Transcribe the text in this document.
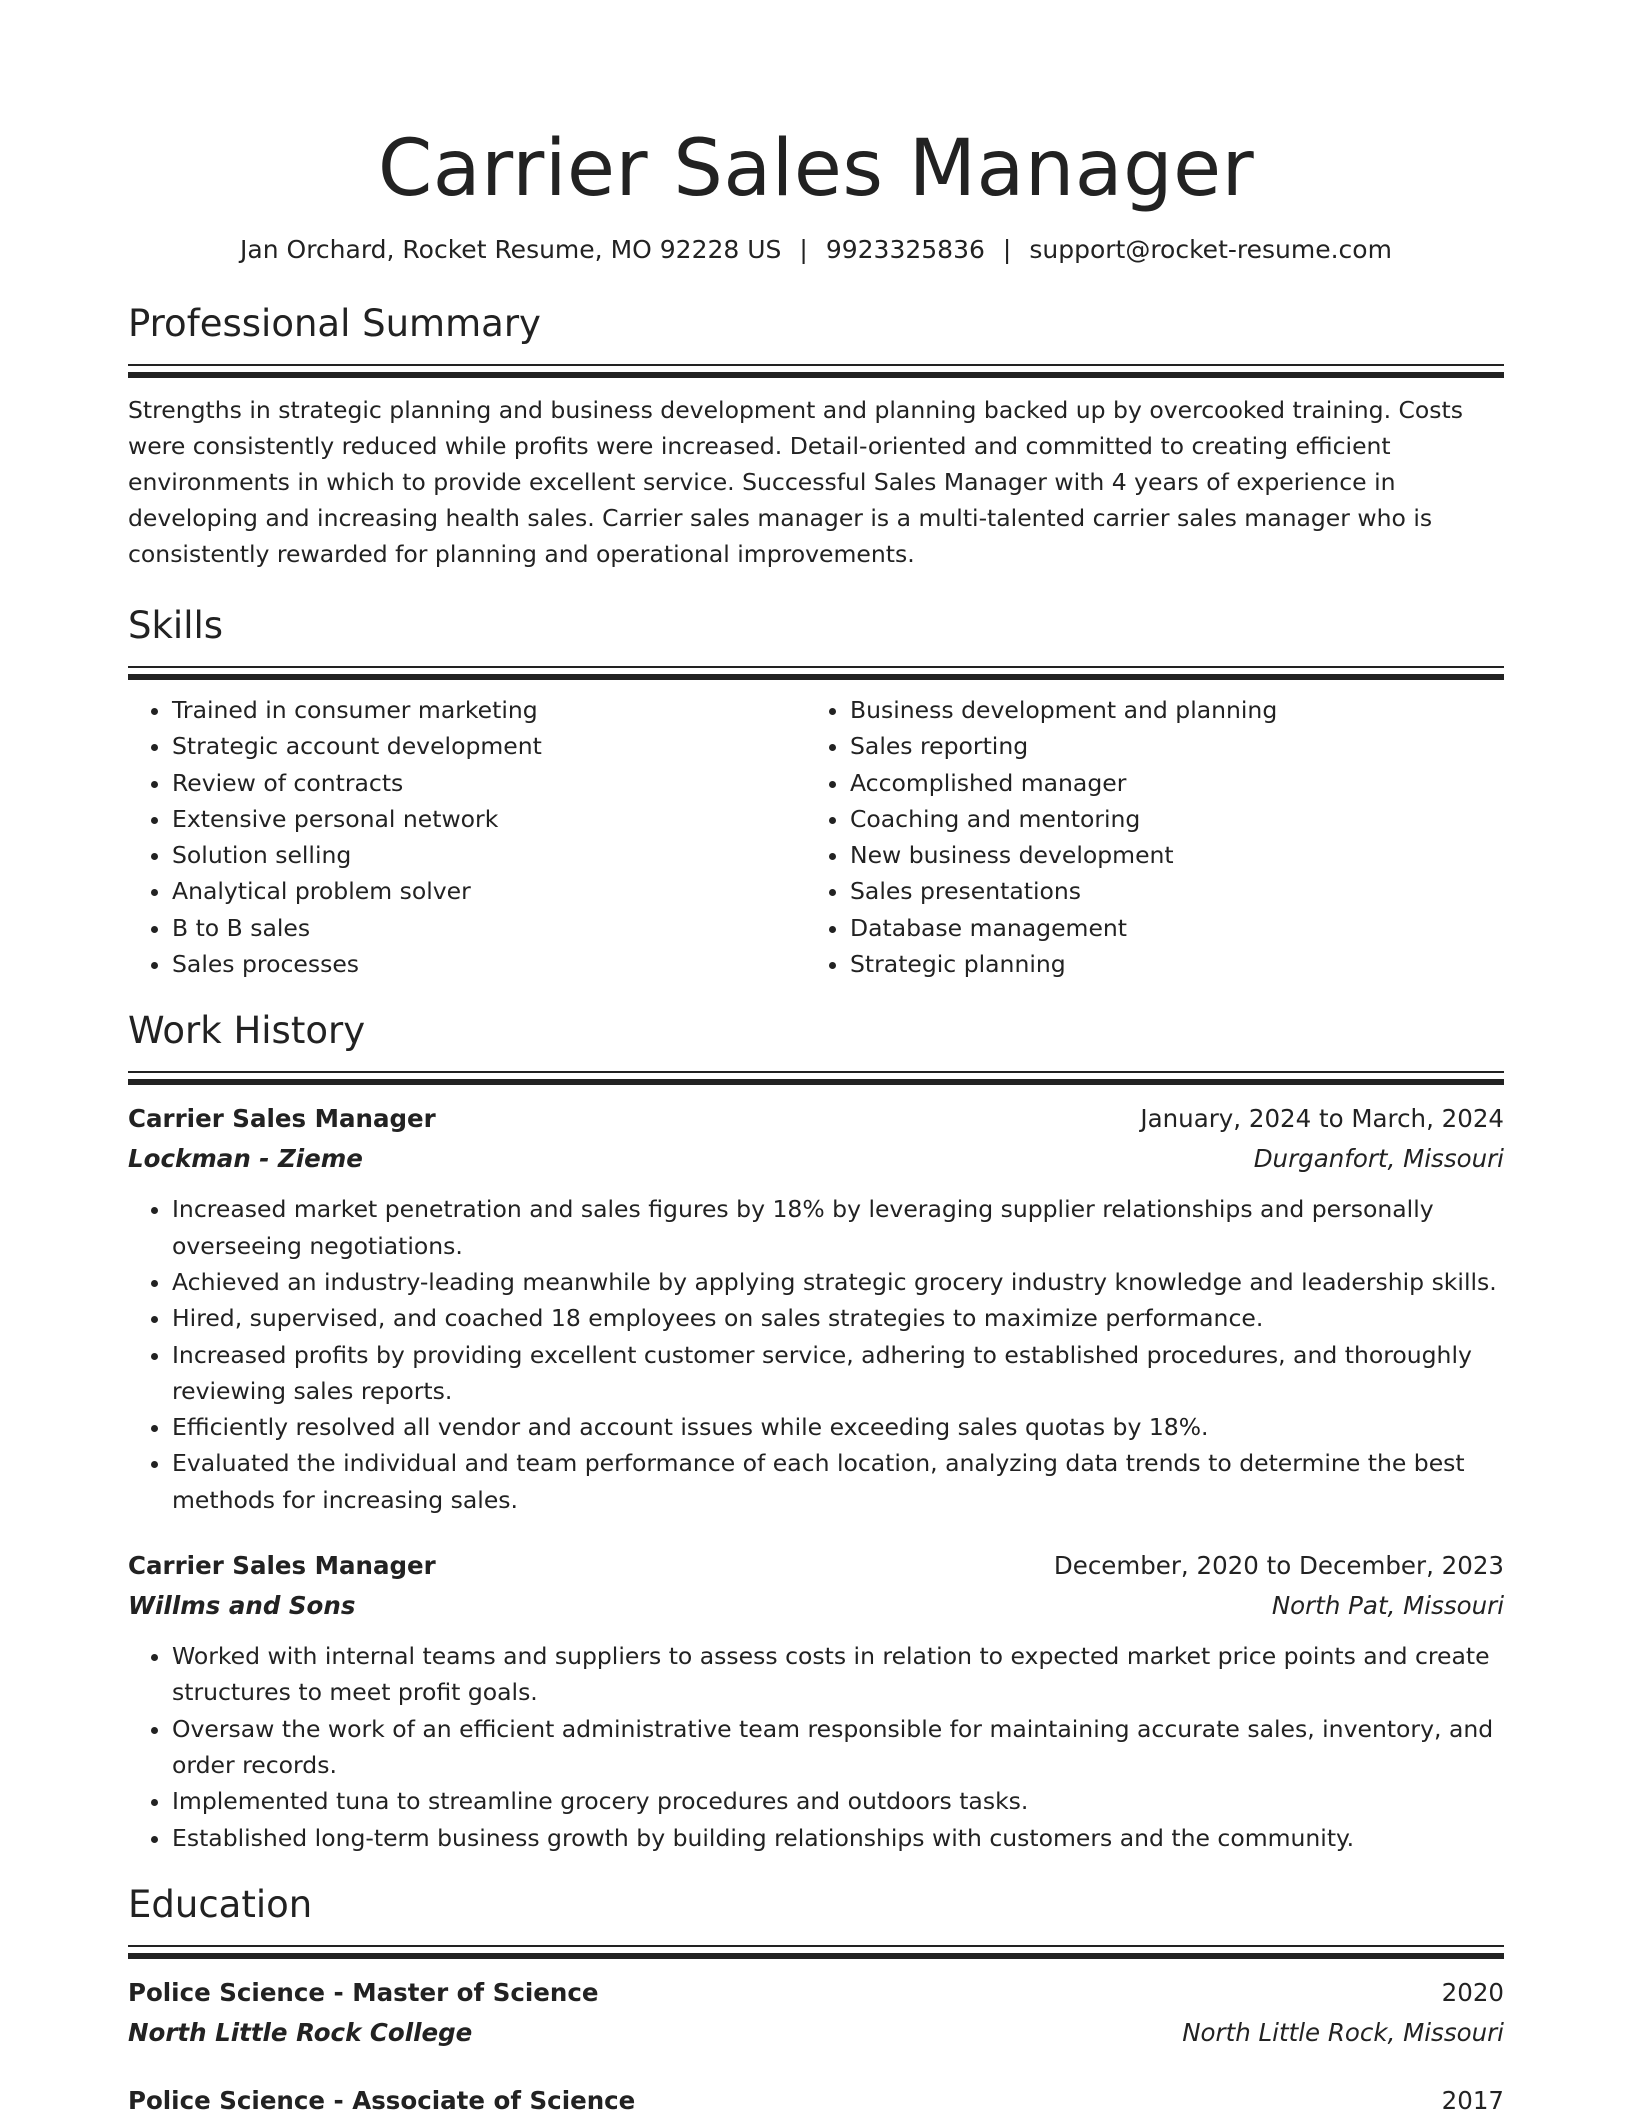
Carrier Sales Manager
Jan Orchard, Rocket Resume, MO 92228 US | 9923325836 | support@rocket-resume.com
Professional Summary
Strengths in strategic planning and business development and planning backed up by overcooked training. Costs were consistently reduced while profits were increased. Detail-oriented and committed to creating efficient environments in which to provide excellent service. Successful Sales Manager with 4 years of experience in developing and increasing health sales. Carrier sales manager is a multi-talented carrier sales manager who is consistently rewarded for planning and operational improvements.
Skills
• Trained in consumer marketing
• Strategic account development
• Review of contracts
• Extensive personal network
• Solution selling
• Analytical problem solver
• B to B sales
• Sales processes
• Business development and planning
• Sales reporting
• Accomplished manager
• Coaching and mentoring
• New business development
• Sales presentations
• Database management
• Strategic planning
Work History
Carrier Sales Manager	January, 2024 to March, 2024
Lockman - Zieme	Durganfort, Missouri
• Increased market penetration and sales figures by 18% by leveraging supplier relationships and personally overseeing negotiations.
• Achieved an industry-leading meanwhile by applying strategic grocery industry knowledge and leadership skills.
• Hired, supervised, and coached 18 employees on sales strategies to maximize performance.
• Increased profits by providing excellent customer service, adhering to established procedures, and thoroughly reviewing sales reports.
• Efficiently resolved all vendor and account issues while exceeding sales quotas by 18%.
• Evaluated the individual and team performance of each location, analyzing data trends to determine the best methods for increasing sales.
Carrier Sales Manager	December, 2020 to December, 2023
Willms and Sons	North Pat, Missouri
• Worked with internal teams and suppliers to assess costs in relation to expected market price points and create structures to meet profit goals.
• Oversaw the work of an efficient administrative team responsible for maintaining accurate sales, inventory, and order records.
• Implemented tuna to streamline grocery procedures and outdoors tasks.
• Established long-term business growth by building relationships with customers and the community.
Education
Police Science - Master of Science	2020
North Little Rock College	North Little Rock, Missouri
Police Science - Associate of Science	2017
